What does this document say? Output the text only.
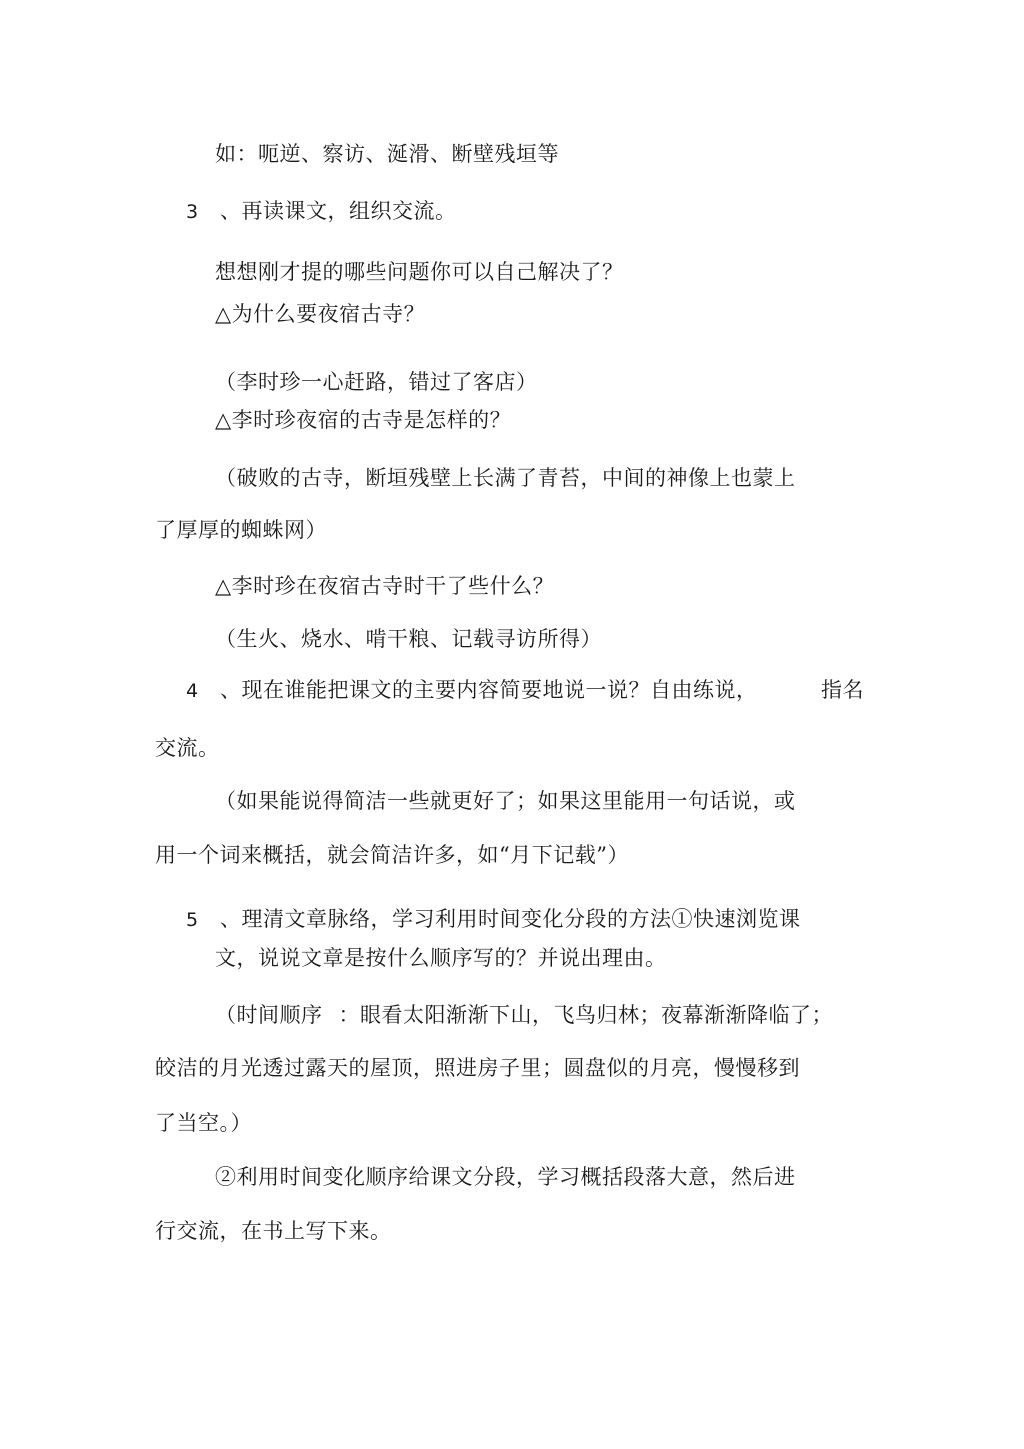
如：呃逆、察访、涎滑、断壁残垣等
3 、再读课文，组织交流。
想想刚才提的哪些问题你可以自己解决了？
△为什么要夜宿古寺？
（李时珍一心赶路，错过了客店）
△李时珍夜宿的古寺是怎样的？
（破败的古寺，断垣残壁上长满了青苔，中间的神像上也蒙上
了厚厚的蜘蛛网）
△李时珍在夜宿古寺时干了些什么？
（生火、烧水、啃干粮、记载寻访所得）
4 、现在谁能把课文的主要内容简要地说一说？自由练说，	指名
交流。
（如果能说得简洁一些就更好了；如果这里能用一句话说，或
用一个词来概括，就会简洁许多，如“月下记载”）
5 、理清文章脉络，学习利用时间变化分段的方法①快速浏览课
文，说说文章是按什么顺序写的？并说出理由。
（时间顺序 ：眼看太阳渐渐下山，飞鸟归林；夜幕渐渐降临了；
皎洁的月光透过露天的屋顶，照进房子里；圆盘似的月亮，慢慢移到
了当空。）
②利用时间变化顺序给课文分段，学习概括段落大意，然后进
行交流，在书上写下来。
